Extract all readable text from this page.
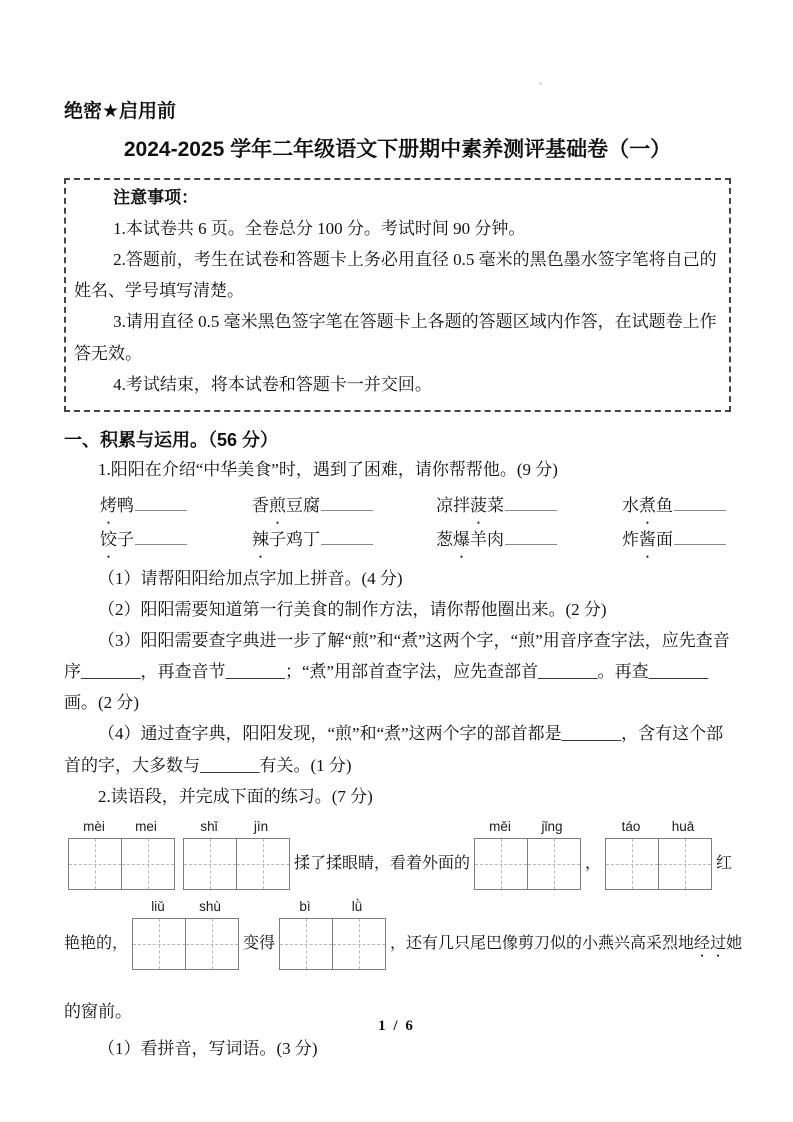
绝密★启用前

2024-2025 学年二年级语文下册期中素养测评基础卷（一）

注意事项：

1.本试卷共 6 页。全卷总分 100 分。考试时间 90 分钟。

2.答题前，考生在试卷和答题卡上务必用直径 0.5 毫米的黑色墨水签字笔将自己的姓名、学号填写清楚。

3.请用直径 0.5 毫米黑色签字笔在答题卡上各题的答题区域内作答，在试题卷上作答无效。

4.考试结束，将本试卷和答题卡一并交回。

一、积累与运用。（56 分）

1.阳阳在介绍“中华美食”时，遇到了困难，请你帮帮他。(9 分)

烤鸭	香煎豆腐	凉拌菠菜	水煮鱼
饺子	辣子鸡丁	葱爆羊肉	炸酱面

（1）请帮阳阳给加点字加上拼音。(4 分)

（2）阳阳需要知道第一行美食的制作方法，请你帮他圈出来。(2 分)

（3）阳阳需要查字典进一步了解“煎”和“煮”这两个字，“煎”用音序查字法，应先查音序_______，再查音节_______；“煮”用部首查字法，应先查部首_______。再查_______画。(2 分)

（4）通过查字典，阳阳发现，“煎”和“煮”这两个字的部首都是_______，含有这个部首的字，大多数与_______有关。(1 分)

2.读语段，并完成下面的练习。(7 分)

mèi	mei	shǐ	jìn
揉了揉眼睛，看着外面的
měi	jǐng
，
táo	huā
红
艳艳的，
liǔ	shù
变得
bì	lǜ
，还有几只尾巴像剪刀似的小燕兴高采烈地 经过 她
的窗前。

（1）看拼音，写词语。(3 分)

1 / 6
